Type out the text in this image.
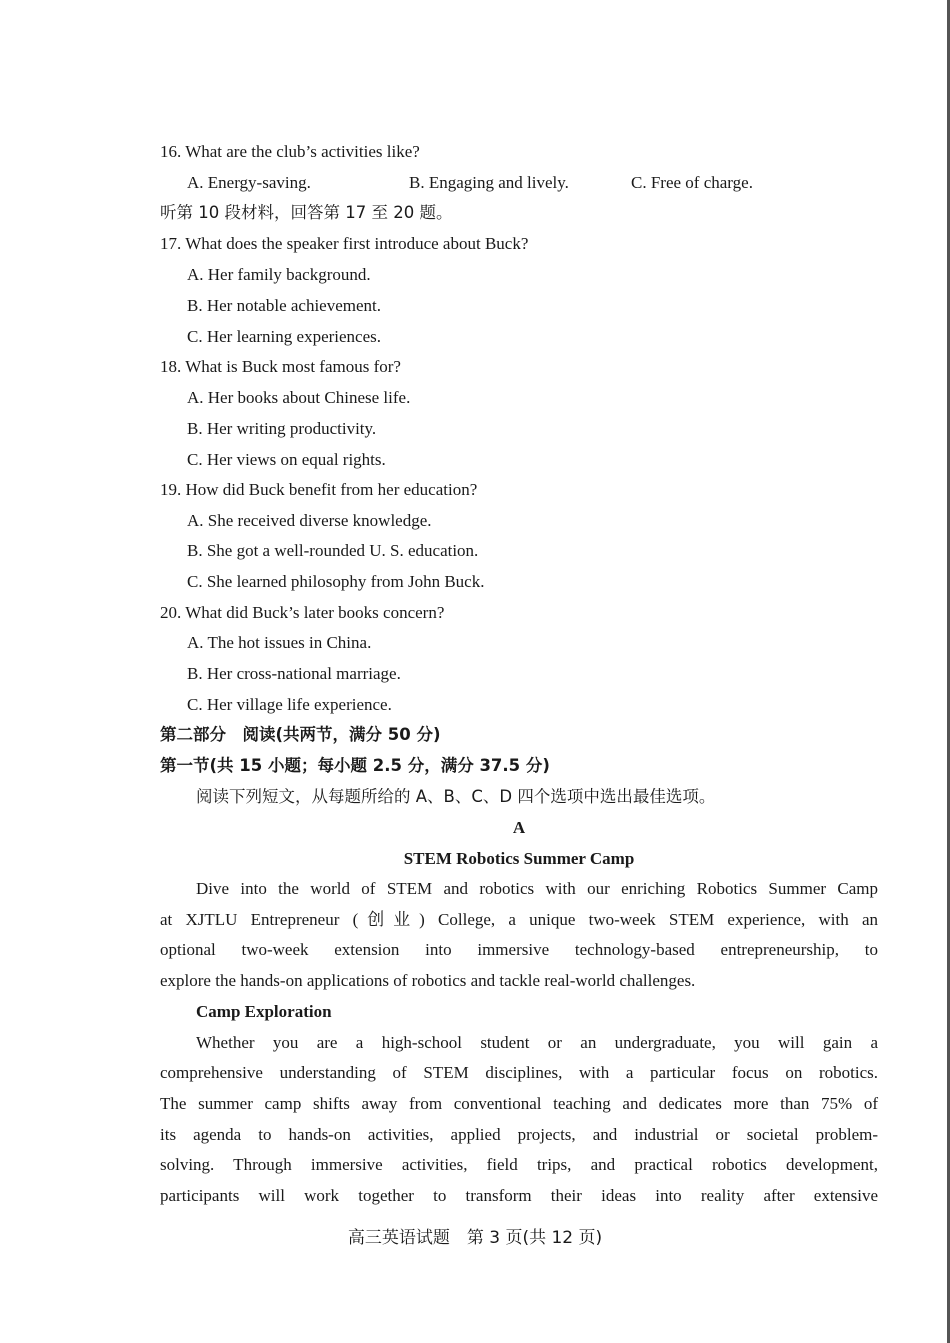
16. What are the club’s activities like?
A. Energy-saving.	B. Engaging and lively.	C. Free of charge.
听第 10 段材料，回答第 17 至 20 题。
17. What does the speaker first introduce about Buck?
A. Her family background.
B. Her notable achievement.
C. Her learning experiences.
18. What is Buck most famous for?
A. Her books about Chinese life.
B. Her writing productivity.
C. Her views on equal rights.
19. How did Buck benefit from her education?
A. She received diverse knowledge.
B. She got a well-rounded U. S. education.
C. She learned philosophy from John Buck.
20. What did Buck’s later books concern?
A. The hot issues in China.
B. Her cross-national marriage.
C. Her village life experience.
第二部分　阅读(共两节，满分 50 分)
第一节(共 15 小题；每小题 2.5 分，满分 37.5 分)
阅读下列短文，从每题所给的 A、B、C、D 四个选项中选出最佳选项。
A
STEM Robotics Summer Camp
Dive into the world of STEM and robotics with our enriching Robotics Summer Camp
at XJTLU Entrepreneur (创业) College, a unique two-week STEM experience, with an
optional two-week extension into immersive technology-based entrepreneurship, to
explore the hands-on applications of robotics and tackle real-world challenges.
Camp Exploration
Whether you are a high-school student or an undergraduate, you will gain a
comprehensive understanding of STEM disciplines, with a particular focus on robotics.
The summer camp shifts away from conventional teaching and dedicates more than 75% of
its agenda to hands-on activities, applied projects, and industrial or societal problem-
solving. Through immersive activities, field trips, and practical robotics development,
participants will work together to transform their ideas into reality after extensive
高三英语试题　第 3 页(共 12 页)
